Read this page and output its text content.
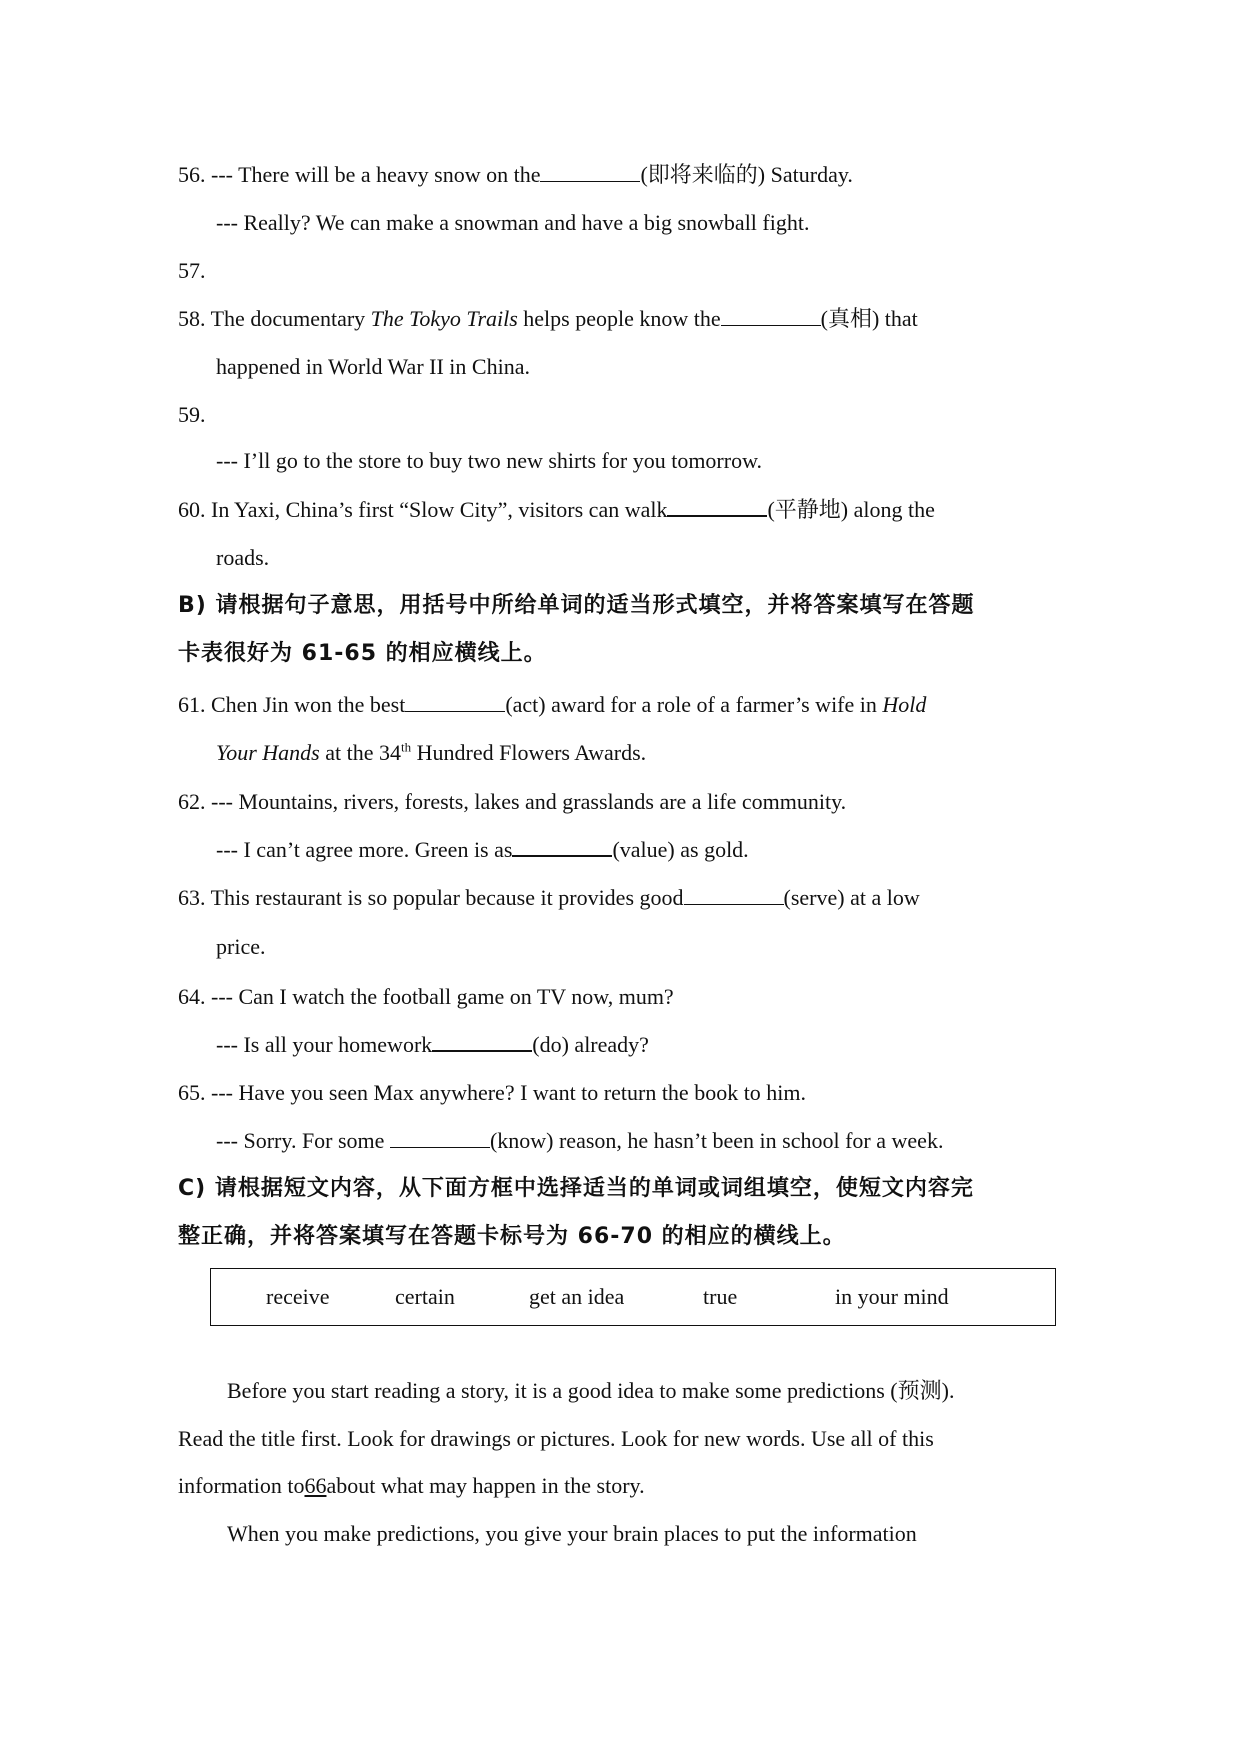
56. --- There will be a heavy snow on the	(即将来临的) Saturday.
--- Really? We can make a snowman and have a big snowball fight.
57.
58. The documentary The Tokyo Trails helps people know the	(真相) that
happened in World War II in China.
59.
--- I’ll go to the store to buy two new shirts for you tomorrow.
60. In Yaxi, China’s first “Slow City”, visitors can walk	(平静地) along the
roads.
B) 请根据句子意思，用括号中所给单词的适当形式填空，并将答案填写在答题
卡表很好为 61-65 的相应横线上。
61. Chen Jin won the best	(act) award for a role of a farmer’s wife in Hold
Your Hands at the 34th Hundred Flowers Awards.
62. --- Mountains, rivers, forests, lakes and grasslands are a life community.
--- I can’t agree more. Green is as	(value) as gold.
63. This restaurant is so popular because it provides good	(serve) at a low
price.
64. --- Can I watch the football game on TV now, mum?
--- Is all your homework	(do) already?
65. --- Have you seen Max anywhere? I want to return the book to him.
--- Sorry. For some	(know) reason, he hasn’t been in school for a week.
C) 请根据短文内容，从下面方框中选择适当的单词或词组填空，使短文内容完
整正确，并将答案填写在答题卡标号为 66-70 的相应的横线上。
receive	certain	get an idea	true	in your mind
Before you start reading a story, it is a good idea to make some predictions (预测).
Read the title first. Look for drawings or pictures. Look for new words. Use all of this
information to66about what may happen in the story.
When you make predictions, you give your brain places to put the information
